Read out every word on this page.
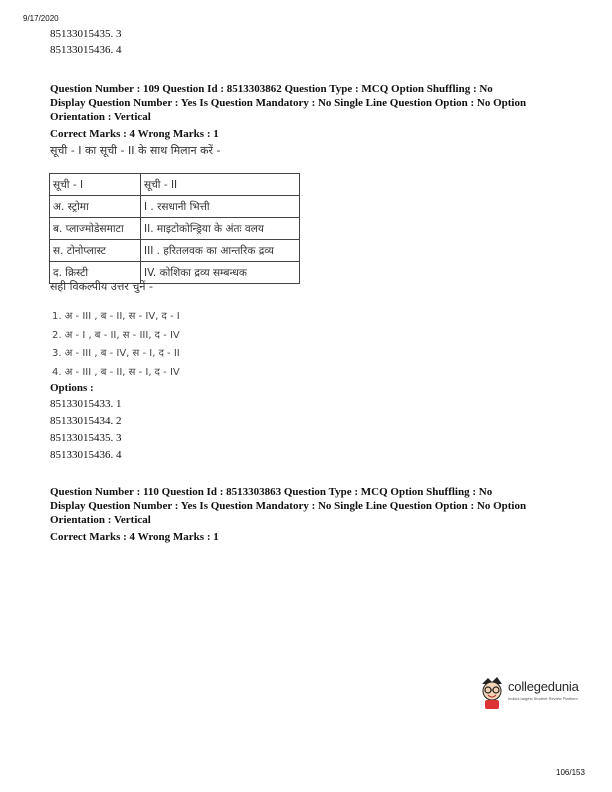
9/17/2020
85133015435. 3
85133015436. 4
Question Number : 109 Question Id : 8513303862 Question Type : MCQ Option Shuffling : No
Display Question Number : Yes Is Question Mandatory : No Single Line Question Option : No Option
Orientation : Vertical
Correct Marks : 4 Wrong Marks : 1
सूची - I का सूची - II के साथ मिलान करें -
सूची - I	सूची - II
अ. स्ट्रोमा	I . रसधानी भित्ती
ब. प्लाज्मोडेसमाटा	II. माइटोकोन्ड्रिया के अंतः वलय
स. टोनोप्लास्ट	III . हरितलवक का आन्तरिक द्रव्य
द. क्रिस्टी	IV. कोशिका द्रव्य सम्बन्धक
सही विकल्पीय उत्तर चुनें -
1. अ - III , ब - II, स - IV, द - I
2. अ - I , ब - II, स - III, द - IV
3. अ - III , ब - IV, स - I, द - II
4. अ - III , ब - II, स - I, द - IV
Options :
85133015433. 1
85133015434. 2
85133015435. 3
85133015436. 4
Question Number : 110 Question Id : 8513303863 Question Type : MCQ Option Shuffling : No
Display Question Number : Yes Is Question Mandatory : No Single Line Question Option : No Option
Orientation : Vertical
Correct Marks : 4 Wrong Marks : 1
collegedunia
India's largest Student Review Platform
106/153
